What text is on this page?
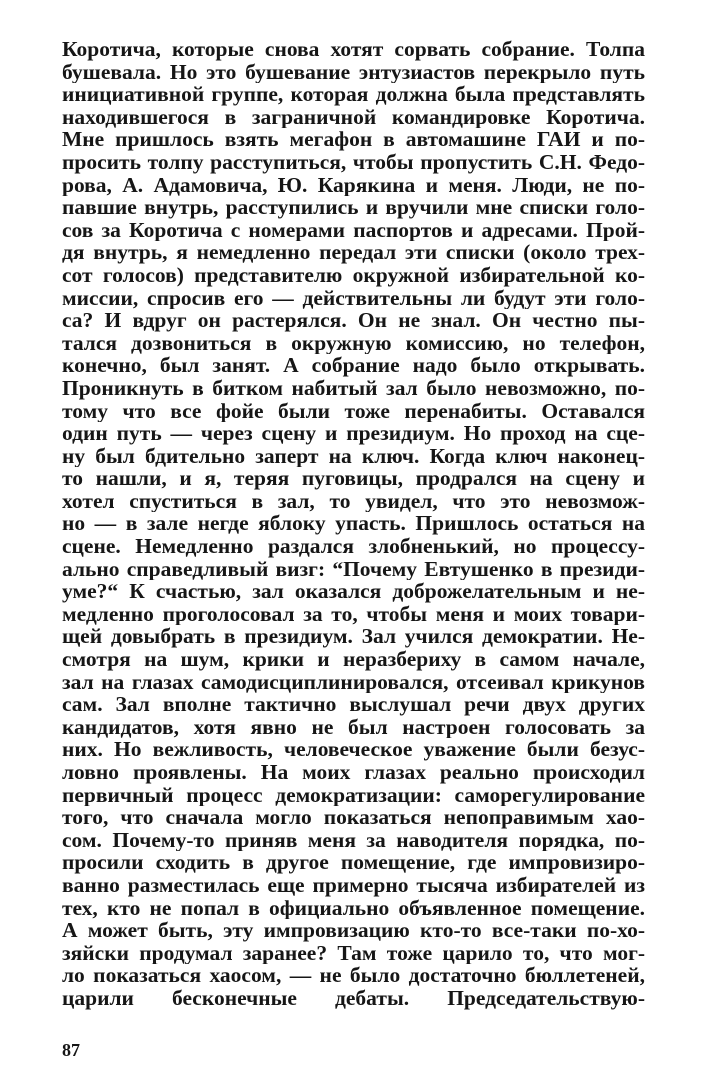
Коротича, которые снова хотят сорвать собрание. Толпа
бушевала. Но это бушевание энтузиастов перекрыло путь
инициативной группе, которая должна была представлять
находившегося в заграничной командировке Коротича.
Мне пришлось взять мегафон в автомашине ГАИ и по-
просить толпу расступиться, чтобы пропустить С.Н. Федо-
рова, А. Адамовича, Ю. Карякина и меня. Люди, не по-
павшие внутрь, расступились и вручили мне списки голо-
сов за Коротича с номерами паспортов и адресами. Прой-
дя внутрь, я немедленно передал эти списки (около трех-
сот голосов) представителю окружной избирательной ко-
миссии, спросив его — действительны ли будут эти голо-
са? И вдруг он растерялся. Он не знал. Он честно пы-
тался дозвониться в окружную комиссию, но телефон,
конечно, был занят. А собрание надо было открывать.
Проникнуть в битком набитый зал было невозможно, по-
тому что все фойе были тоже перенабиты. Оставался
один путь — через сцену и президиум. Но проход на сце-
ну был бдительно заперт на ключ. Когда ключ наконец-
то нашли, и я, теряя пуговицы, продрался на сцену и
хотел спуститься в зал, то увидел, что это невозмож-
но — в зале негде яблоку упасть. Пришлось остаться на
сцене. Немедленно раздался злобненький, но процессу-
ально справедливый визг: “Почему Евтушенко в президи-
уме?“ К счастью, зал оказался доброжелательным и не-
медленно проголосовал за то, чтобы меня и моих товари-
щей довыбрать в президиум. Зал учился демократии. Не-
смотря на шум, крики и неразбериху в самом начале,
зал на глазах самодисциплинировался, отсеивал крикунов
сам. Зал вполне тактично выслушал речи двух других
кандидатов, хотя явно не был настроен голосовать за
них. Но вежливость, человеческое уважение были безус-
ловно проявлены. На моих глазах реально происходил
первичный процесс демократизации: саморегулирование
того, что сначала могло показаться непоправимым хао-
сом. Почему-то приняв меня за наводителя порядка, по-
просили сходить в другое помещение, где импровизиро-
ванно разместилась еще примерно тысяча избирателей из
тех, кто не попал в официально объявленное помещение.
А может быть, эту импровизацию кто-то все-таки по-хо-
зяйски продумал заранее? Там тоже царило то, что мог-
ло показаться хаосом, — не было достаточно бюллетеней,
царили бесконечные дебаты. Председательствую-
87
